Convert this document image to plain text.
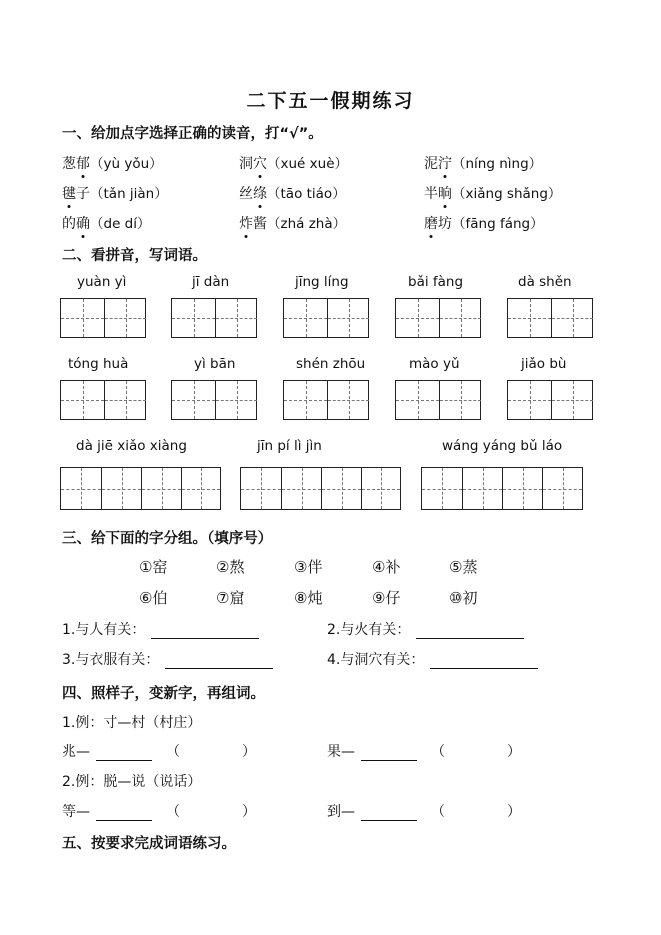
二下五一假期练习
一、给加点字选择正确的读音，打“√”。
葱郁（yù yǒu）	洞穴（xué xuè）	泥泞（níng nìng）
毽子（tǎn jiàn）	丝绦（tāo tiáo）	半晌（xiǎng shǎng）
的确（de dí）	炸酱（zhá zhà）	磨坊（fāng fáng）
二、看拼音，写词语。
yuàn yì	jī dàn	jīng líng	bǎi fàng	dà shěn
tóng huà	yì bān	shén zhōu	mào yǔ	jiǎo bù
dà jiē xiǎo xiàng	jīn pí lì jìn	wáng yáng bǔ láo
三、给下面的字分组。（填序号）
①窑	②熬	③伴	④补	⑤蒸
⑥伯	⑦窟	⑧炖	⑨仔	⑩初
1.与人有关：	2.与火有关：
3.与衣服有关：	4.与洞穴有关：
四、照样子，变新字，再组词。
1.例：寸—村（村庄）
兆—	（	）	果—	（	）
2.例：脱—说（说话）
等—	（	）	到—	（	）
五、按要求完成词语练习。
